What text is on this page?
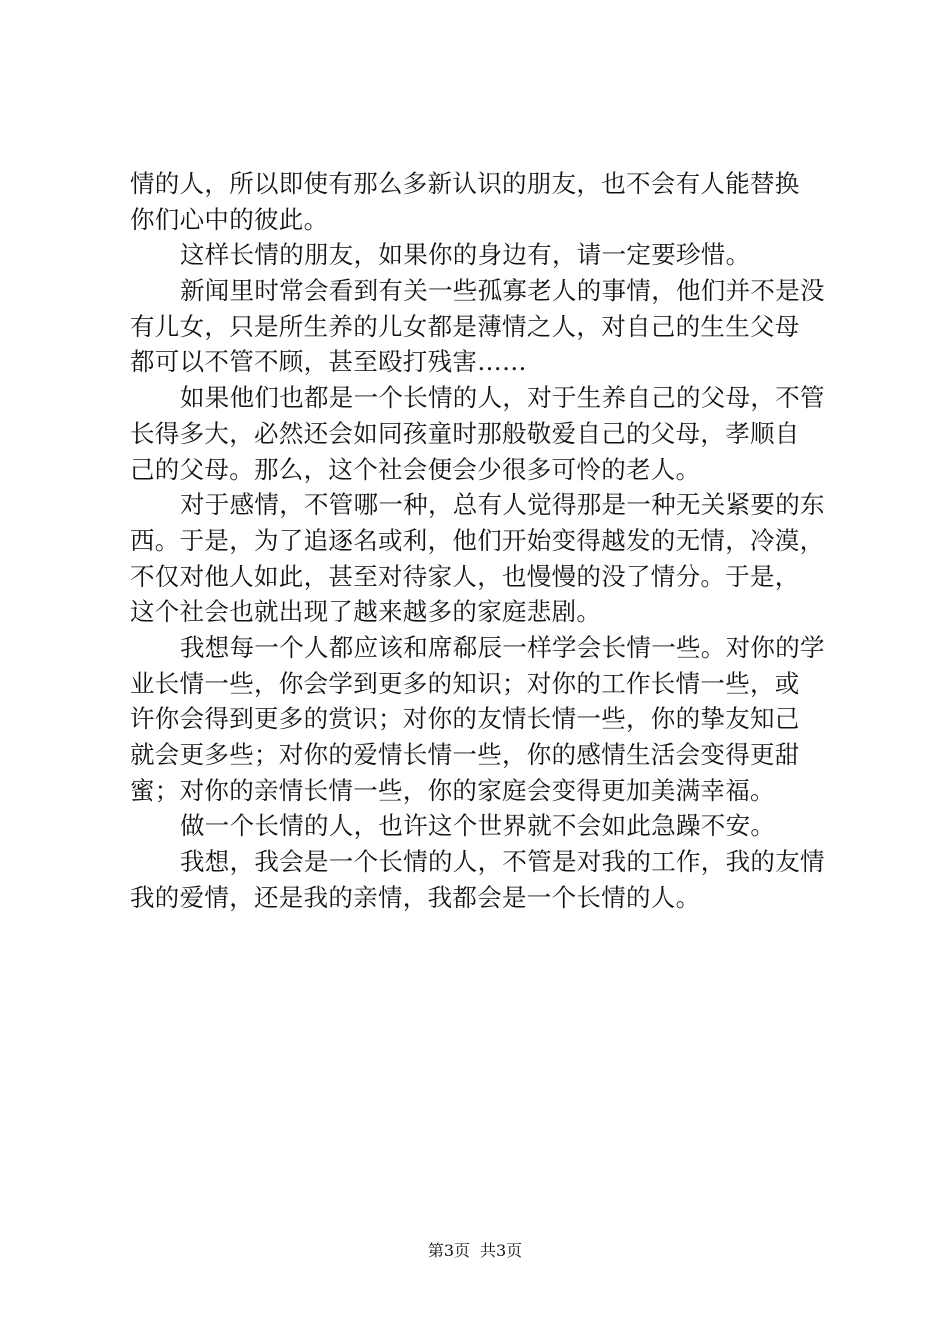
情的人，所以即使有那么多新认识的朋友，也不会有人能替换
你们心中的彼此。
这样长情的朋友，如果你的身边有，请一定要珍惜。
新闻里时常会看到有关一些孤寡老人的事情，他们并不是没
有儿女，只是所生养的儿女都是薄情之人，对自己的生生父母
都可以不管不顾，甚至殴打残害……
如果他们也都是一个长情的人，对于生养自己的父母，不管
长得多大，必然还会如同孩童时那般敬爱自己的父母，孝顺自
己的父母。那么，这个社会便会少很多可怜的老人。
对于感情，不管哪一种，总有人觉得那是一种无关紧要的东
西。于是，为了追逐名或利，他们开始变得越发的无情，冷漠，
不仅对他人如此，甚至对待家人，也慢慢的没了情分。于是，
这个社会也就出现了越来越多的家庭悲剧。
我想每一个人都应该和席郗辰一样学会长情一些。对你的学
业长情一些，你会学到更多的知识；对你的工作长情一些，或
许你会得到更多的赏识；对你的友情长情一些，你的挚友知己
就会更多些；对你的爱情长情一些，你的感情生活会变得更甜
蜜；对你的亲情长情一些，你的家庭会变得更加美满幸福。
做一个长情的人，也许这个世界就不会如此急躁不安。
我想，我会是一个长情的人，不管是对我的工作，我的友情
我的爱情，还是我的亲情，我都会是一个长情的人。
第3页 共3页
